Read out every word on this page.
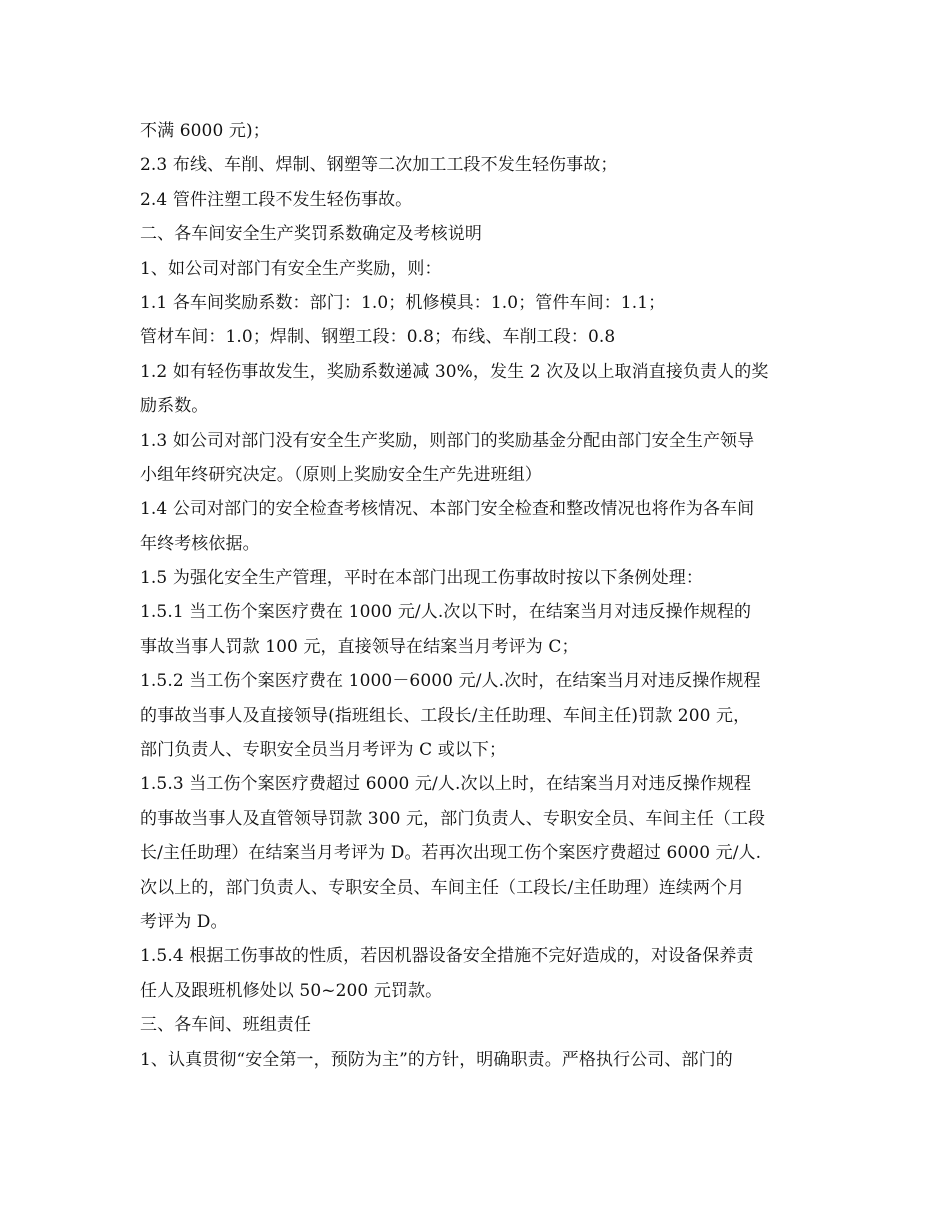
不满 6000 元)；
2.3 布线、车削、焊制、钢塑等二次加工工段不发生轻伤事故；
2.4 管件注塑工段不发生轻伤事故。
二、各车间安全生产奖罚系数确定及考核说明
1、如公司对部门有安全生产奖励，则：
1.1 各车间奖励系数：部门：1.0；机修模具：1.0；管件车间：1.1；
管材车间：1.0；焊制、钢塑工段：0.8；布线、车削工段：0.8
1.2 如有轻伤事故发生，奖励系数递减 30%，发生 2 次及以上取消直接负责人的奖
励系数。
1.3 如公司对部门没有安全生产奖励，则部门的奖励基金分配由部门安全生产领导
小组年终研究决定。（原则上奖励安全生产先进班组）
1.4 公司对部门的安全检查考核情况、本部门安全检查和整改情况也将作为各车间
年终考核依据。
1.5 为强化安全生产管理，平时在本部门出现工伤事故时按以下条例处理：
1.5.1 当工伤个案医疗费在 1000 元/人.次以下时，在结案当月对违反操作规程的
事故当事人罚款 100 元，直接领导在结案当月考评为 C；
1.5.2 当工伤个案医疗费在 1000－6000 元/人.次时，在结案当月对违反操作规程
的事故当事人及直接领导(指班组长、工段长/主任助理、车间主任)罚款 200 元，
部门负责人、专职安全员当月考评为 C 或以下；
1.5.3 当工伤个案医疗费超过 6000 元/人.次以上时，在结案当月对违反操作规程
的事故当事人及直管领导罚款 300 元，部门负责人、专职安全员、车间主任（工段
长/主任助理）在结案当月考评为 D。若再次出现工伤个案医疗费超过 6000 元/人.
次以上的，部门负责人、专职安全员、车间主任（工段长/主任助理）连续两个月
考评为 D。
1.5.4 根据工伤事故的性质，若因机器设备安全措施不完好造成的，对设备保养责
任人及跟班机修处以 50~200 元罚款。
三、各车间、班组责任
1、认真贯彻“安全第一，预防为主”的方针，明确职责。严格执行公司、部门的
